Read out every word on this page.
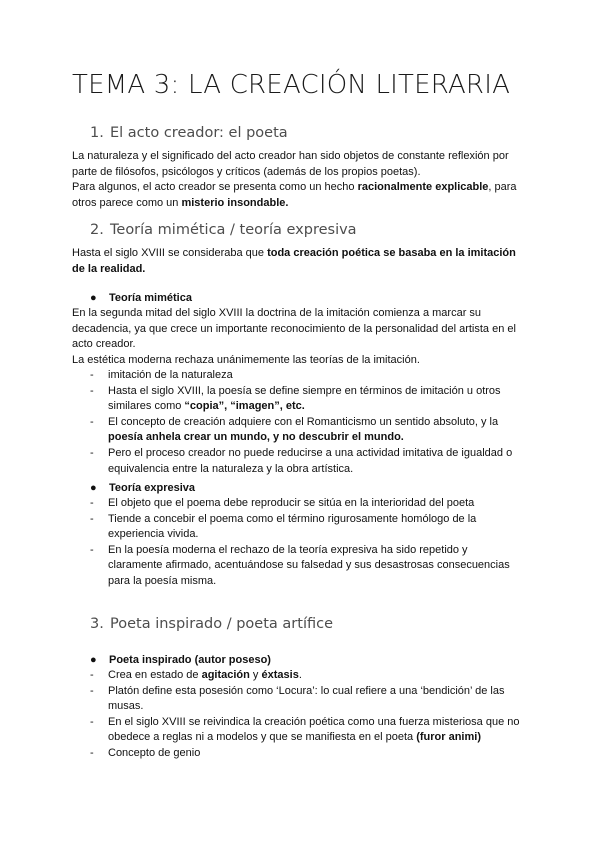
TEMA 3: LA CREACIÓN LITERARIA
1. El acto creador: el poeta
La naturaleza y el significado del acto creador han sido objetos de constante reflexión por
parte de filósofos, psicólogos y críticos (además de los propios poetas).
Para algunos, el acto creador se presenta como un hecho racionalmente explicable, para
otros parece como un misterio insondable.
2. Teoría mimética / teoría expresiva
Hasta el siglo XVIII se consideraba que toda creación poética se basaba en la imitación
de la realidad.
● Teoría mimética
En la segunda mitad del siglo XVIII la doctrina de la imitación comienza a marcar su
decadencia, ya que crece un importante reconocimiento de la personalidad del artista en el
acto creador.
La estética moderna rechaza unánimemente las teorías de la imitación.
- imitación de la naturaleza
- Hasta el siglo XVIII, la poesía se define siempre en términos de imitación u otros
similares como “copia”, “imagen”, etc.
- El concepto de creación adquiere con el Romanticismo un sentido absoluto, y la
poesía anhela crear un mundo, y no descubrir el mundo.
- Pero el proceso creador no puede reducirse a una actividad imitativa de igualdad o
equivalencia entre la naturaleza y la obra artística.
● Teoría expresiva
- El objeto que el poema debe reproducir se sitúa en la interioridad del poeta
- Tiende a concebir el poema como el término rigurosamente homólogo de la
experiencia vivida.
- En la poesía moderna el rechazo de la teoría expresiva ha sido repetido y
claramente afirmado, acentuándose su falsedad y sus desastrosas consecuencias
para la poesía misma.
3. Poeta inspirado / poeta artífice
● Poeta inspirado (autor poseso)
- Crea en estado de agitación y éxtasis.
- Platón define esta posesión como ‘Locura’: lo cual refiere a una ‘bendición’ de las
musas.
- En el siglo XVIII se reivindica la creación poética como una fuerza misteriosa que no
obedece a reglas ni a modelos y que se manifiesta en el poeta (furor animi)
- Concepto de genio
